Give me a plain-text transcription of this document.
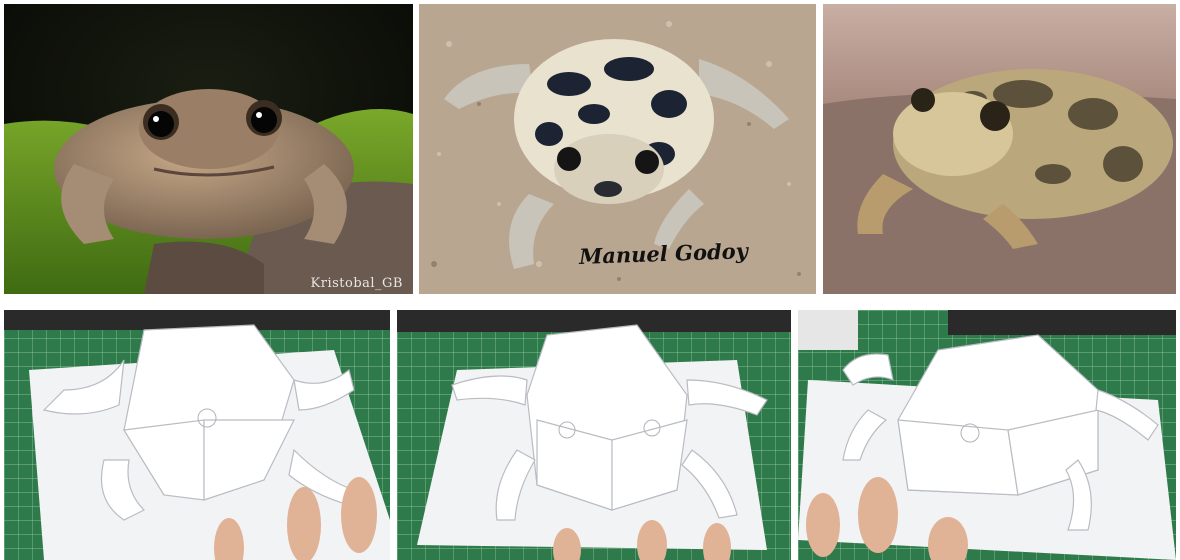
Kristobal_GB
Manuel Godoy
